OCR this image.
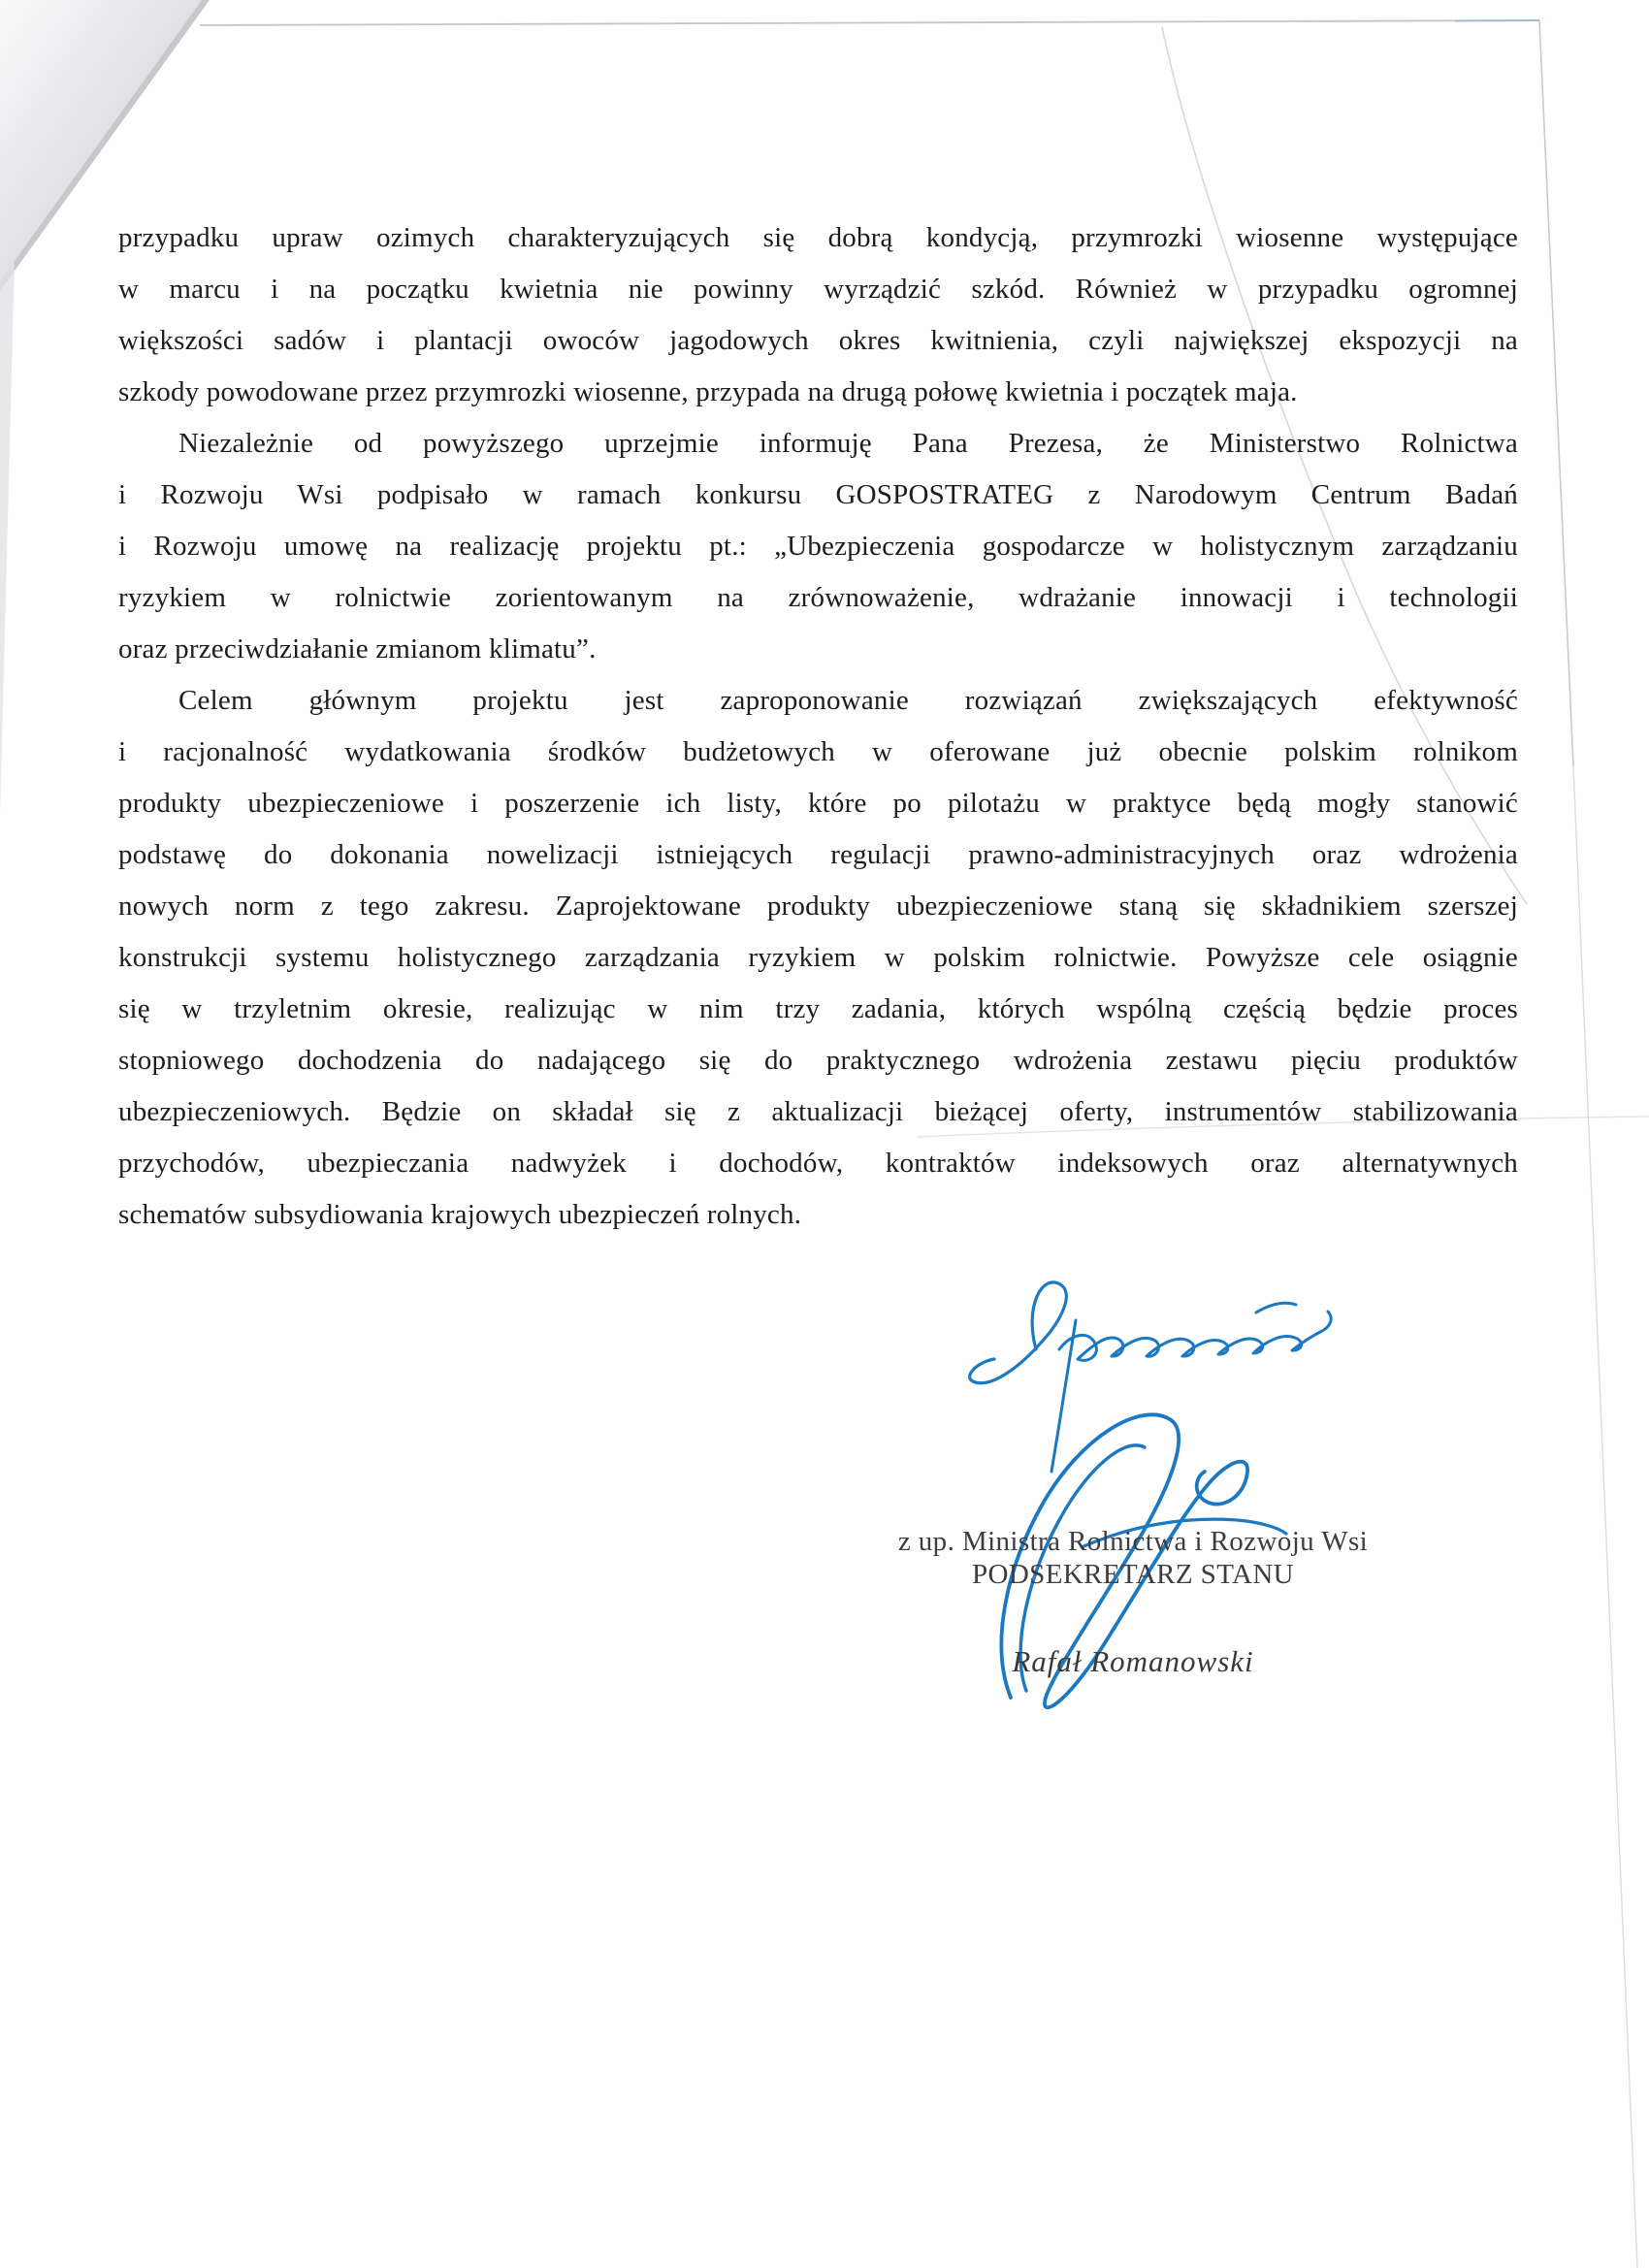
przypadku upraw ozimych charakteryzujących się dobrą kondycją, przymrozki wiosenne występujące
w marcu i na początku kwietnia nie powinny wyrządzić szkód. Również w przypadku ogromnej
większości sadów i plantacji owoców jagodowych okres kwitnienia, czyli największej ekspozycji na
szkody powodowane przez przymrozki wiosenne, przypada na drugą połowę kwietnia i początek maja.
Niezależnie od powyższego uprzejmie informuję Pana Prezesa, że Ministerstwo Rolnictwa
i Rozwoju Wsi podpisało w ramach konkursu GOSPOSTRATEG z Narodowym Centrum Badań
i Rozwoju umowę na realizację projektu pt.: „Ubezpieczenia gospodarcze w holistycznym zarządzaniu
ryzykiem w rolnictwie zorientowanym na zrównoważenie, wdrażanie innowacji i technologii
oraz przeciwdziałanie zmianom klimatu”.
Celem głównym projektu jest zaproponowanie rozwiązań zwiększających efektywność
i racjonalność wydatkowania środków budżetowych w oferowane już obecnie polskim rolnikom
produkty ubezpieczeniowe i poszerzenie ich listy, które po pilotażu w praktyce będą mogły stanowić
podstawę do dokonania nowelizacji istniejących regulacji prawno-administracyjnych oraz wdrożenia
nowych norm z tego zakresu. Zaprojektowane produkty ubezpieczeniowe staną się składnikiem szerszej
konstrukcji systemu holistycznego zarządzania ryzykiem w polskim rolnictwie. Powyższe cele osiągnie
się w trzyletnim okresie, realizując w nim trzy zadania, których wspólną częścią będzie proces
stopniowego dochodzenia do nadającego się do praktycznego wdrożenia zestawu pięciu produktów
ubezpieczeniowych. Będzie on składał się z aktualizacji bieżącej oferty, instrumentów stabilizowania
przychodów, ubezpieczania nadwyżek i dochodów, kontraktów indeksowych oraz alternatywnych
schematów subsydiowania krajowych ubezpieczeń rolnych.
z up. Ministra Rolnictwa i Rozwoju Wsi
PODSEKRETARZ STANU
Rafał Romanowski
